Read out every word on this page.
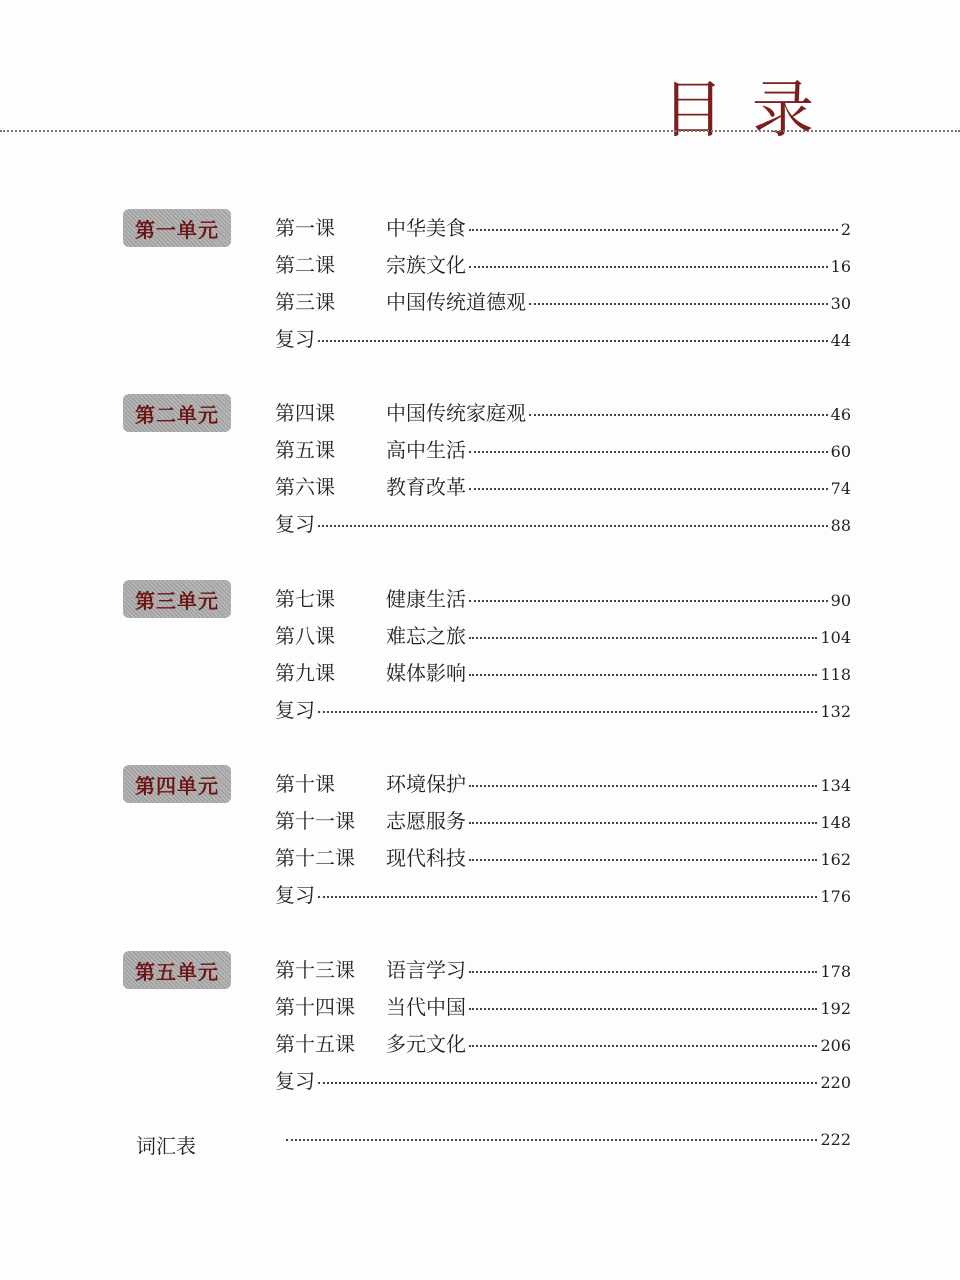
目录
第一单元	第一课	中华美食	2
第二课	宗族文化	16
第三课	中国传统道德观	30
复习	44
第二单元	第四课	中国传统家庭观	46
第五课	高中生活	60
第六课	教育改革	74
复习	88
第三单元	第七课	健康生活	90
第八课	难忘之旅	104
第九课	媒体影响	118
复习	132
第四单元	第十课	环境保护	134
第十一课	志愿服务	148
第十二课	现代科技	162
复习	176
第五单元	第十三课	语言学习	178
第十四课	当代中国	192
第十五课	多元文化	206
复习	220
词汇表	222
